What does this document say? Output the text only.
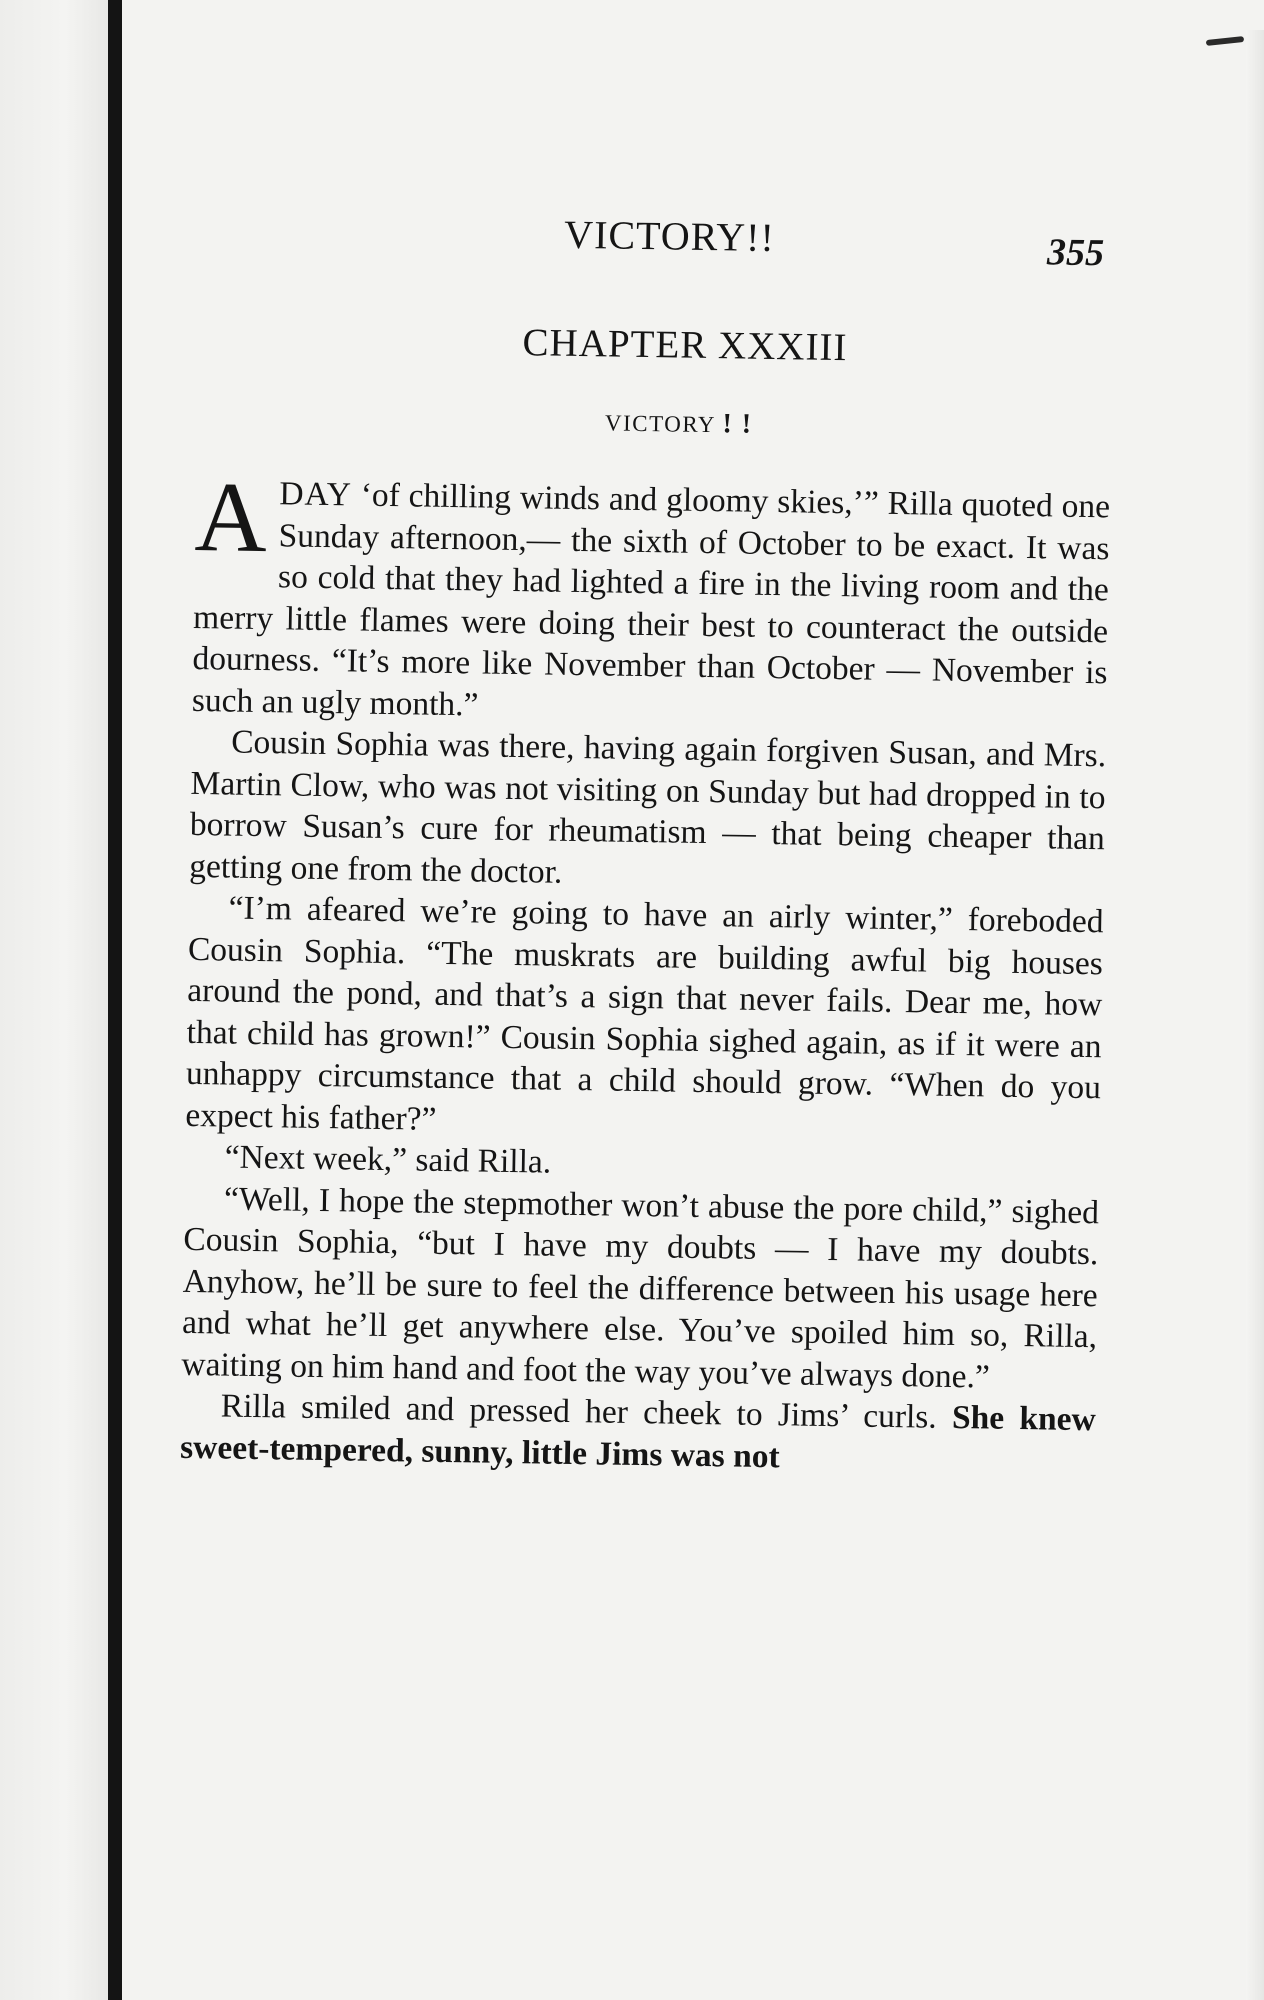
VICTORY!!	355
CHAPTER XXXIII
VICTORY ! !

ADAY ‘of chilling winds and gloomy skies,’” Rilla quoted one Sunday afternoon,— the sixth of October to be exact. It was so cold that they had lighted a fire in the living room and the merry little flames were doing their best to counteract the outside dourness. “It’s more like November than October — November is such an ugly month.”

Cousin Sophia was there, having again forgiven Susan, and Mrs. Martin Clow, who was not visiting on Sunday but had dropped in to borrow Susan’s cure for rheumatism — that being cheaper than getting one from the doctor.

“I’m afeared we’re going to have an airly winter,” foreboded Cousin Sophia. “The muskrats are building awful big houses around the pond, and that’s a sign that never fails. Dear me, how that child has grown!” Cousin Sophia sighed again, as if it were an unhappy circumstance that a child should grow. “When do you expect his father?”

“Next week,” said Rilla.

“Well, I hope the stepmother won’t abuse the pore child,” sighed Cousin Sophia, “but I have my doubts — I have my doubts. Anyhow, he’ll be sure to feel the difference between his usage here and what he’ll get anywhere else. You’ve spoiled him so, Rilla, waiting on him hand and foot the way you’ve always done.”

Rilla smiled and pressed her cheek to Jims’ curls. She knew sweet-tempered, sunny, little Jims was not
